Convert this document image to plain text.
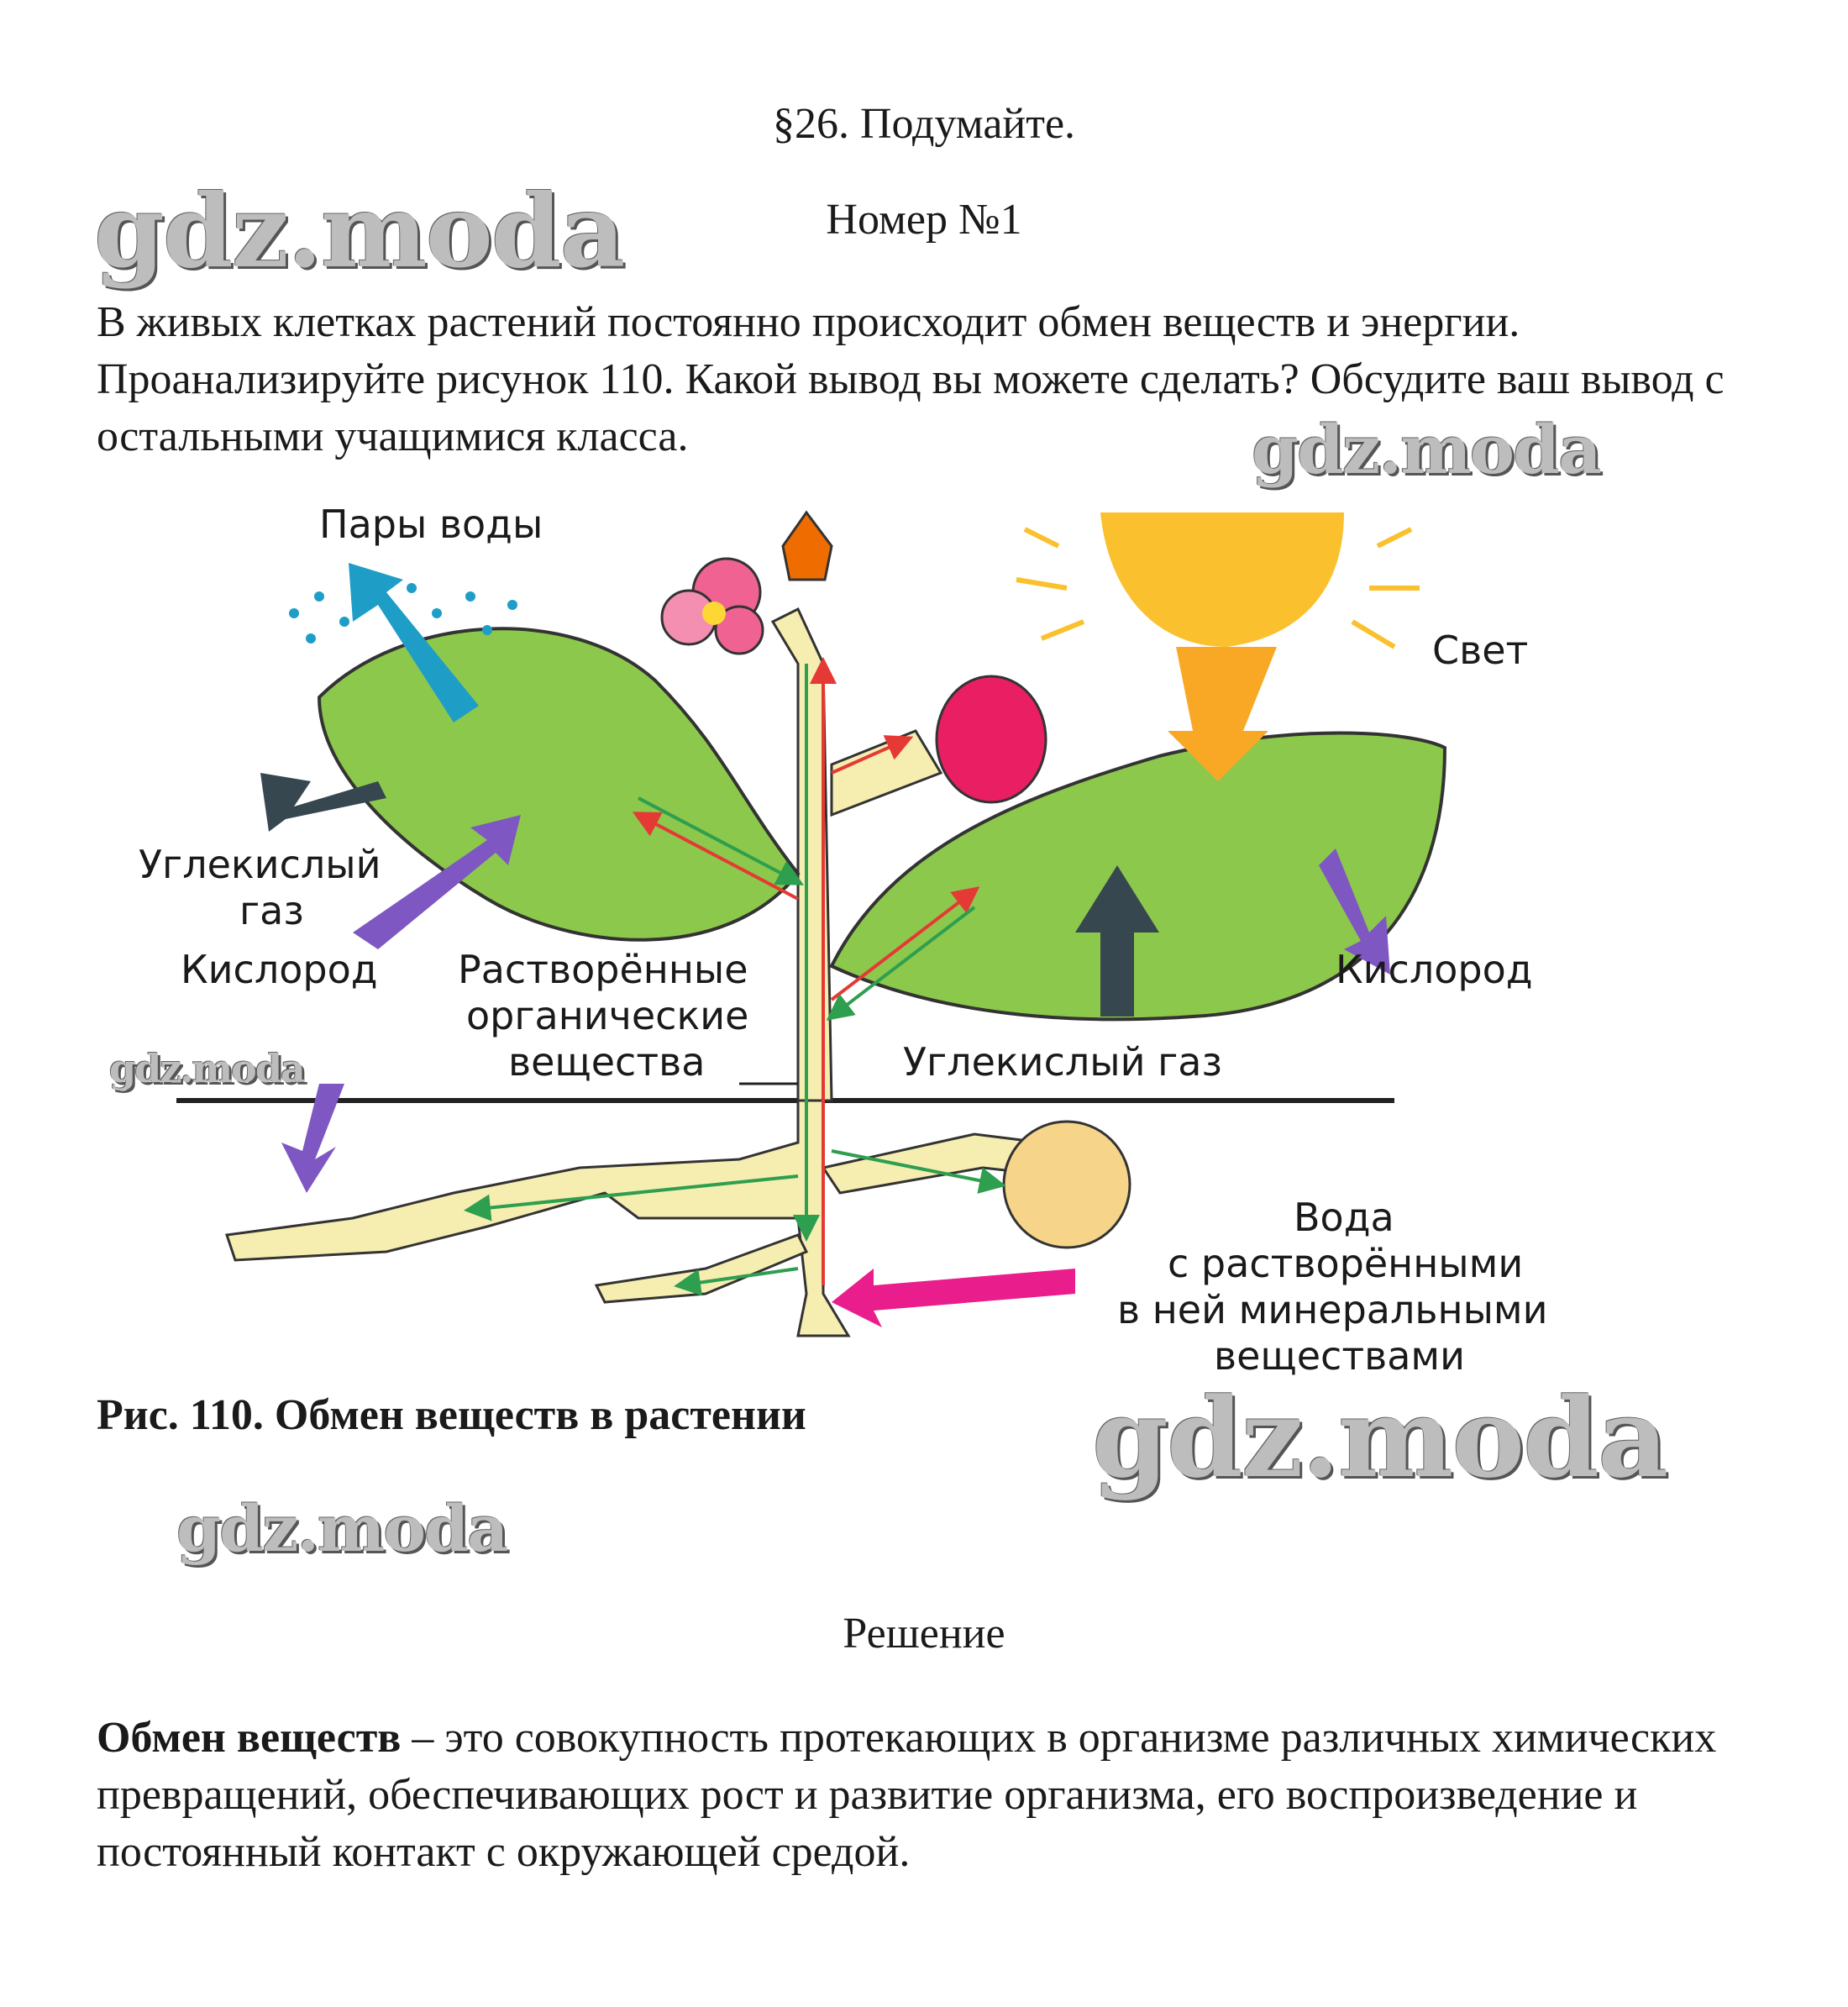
§26. Подумайте.
Номер №1
gdz.moda

В живых клетках растений постоянно происходит обмен веществ и энергии. Проанализируйте рисунок 110. Какой вывод вы можете сделать? Обсудите ваш вывод с остальными учащимися класса.	gdz.moda
Пары воды
Свет
Углекислый
газ
Кислород Растворённые
органические
вещества
Кислород
Углекислый газ
Вода
с растворёнными
в ней минеральными
веществами
gdz.moda
Рис. 110. Обмен веществ в растении	gdz.moda
gdz.moda
Решение

Обмен веществ – это совокупность протекающих в организме различных химических превращений, обеспечивающих рост и развитие организма, его воспроизведение и постоянный контакт с окружающей средой.
